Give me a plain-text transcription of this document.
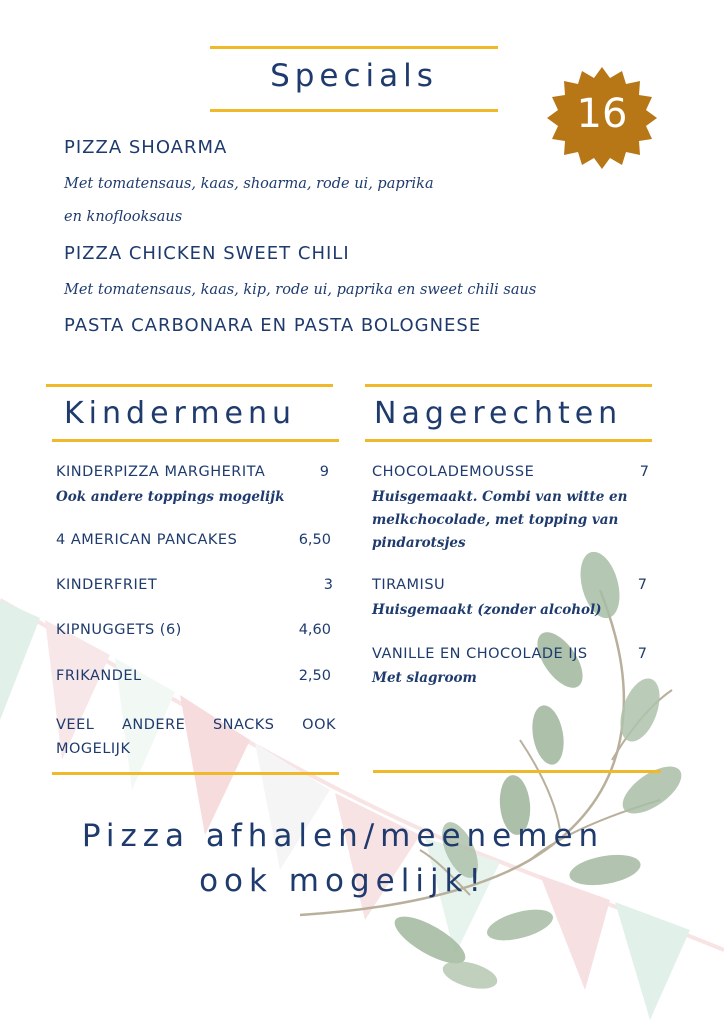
Specials
16
PIZZA SHOARMA
Met tomatensaus, kaas, shoarma, rode ui, paprika
en knoflooksaus
PIZZA CHICKEN SWEET CHILI
Met tomatensaus, kaas, kip, rode ui, paprika en sweet chili saus
PASTA CARBONARA EN PASTA BOLOGNESE
Kindermenu
KINDERPIZZA MARGHERITA	9
Ook andere toppings mogelijk
4 AMERICAN PANCAKES	6,50
KINDERFRIET	3
KIPNUGGETS (6)	4,60
FRIKANDEL	2,50
VEEL ANDERE SNACKS OOK MOGELIJK
Nagerechten
CHOCOLADEMOUSSE	7
Huisgemaakt. Combi van witte en
melkchocolade, met topping van
pindarotsjes
TIRAMISU	7
Huisgemaakt (zonder alcohol)
VANILLE EN CHOCOLADE IJS	7
Met slagroom
Pizza afhalen/meenemen
ook mogelijk!
